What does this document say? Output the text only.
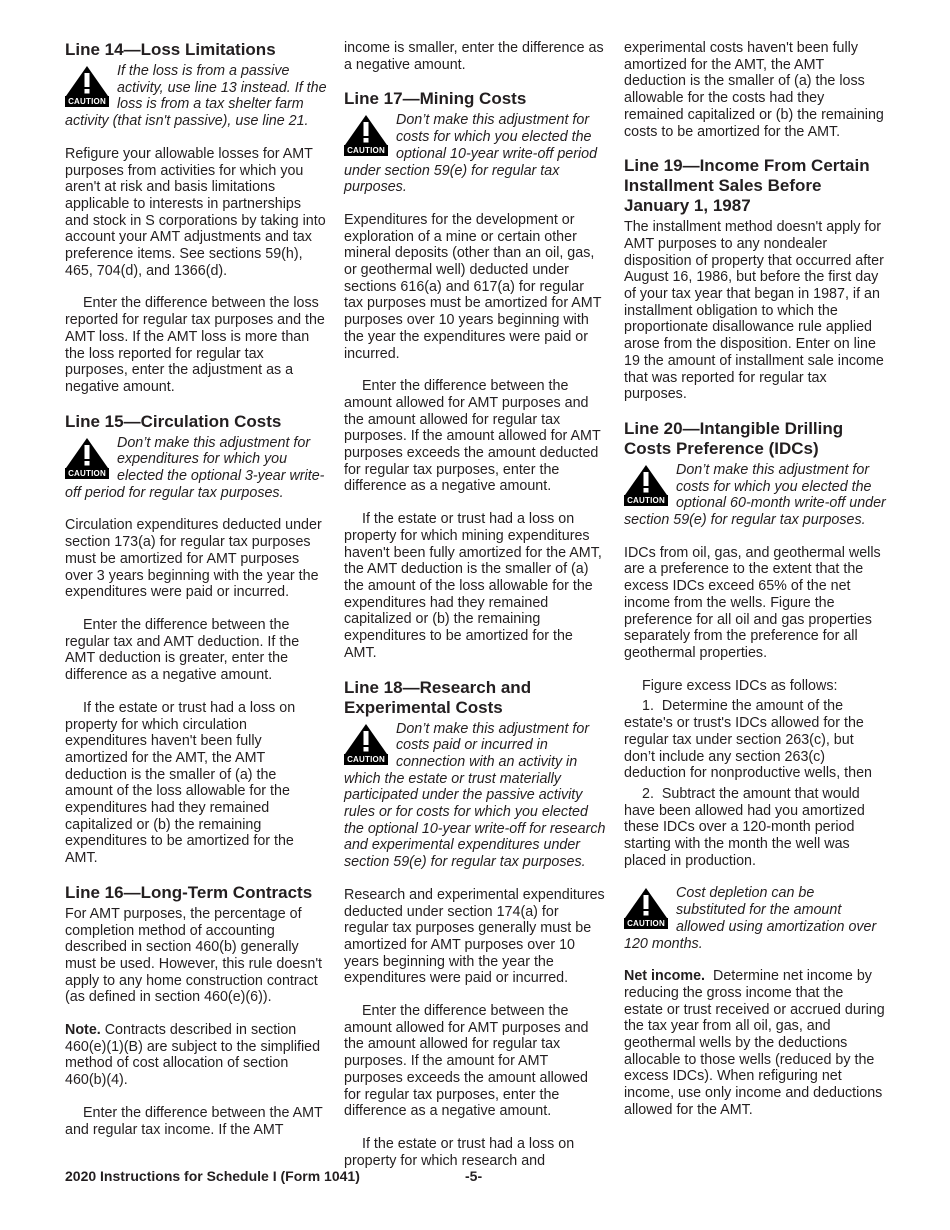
Line 14—Loss Limitations
CAUTION
If the loss is from a passive activity, use line 13 instead. If the loss is from a tax shelter farm activity (that isn't passive), use line 21.

Refigure your allowable losses for AMT purposes from activities for which you aren't at risk and basis limitations applicable to interests in partnerships and stock in S corporations by taking into account your AMT adjustments and tax preference items. See sections 59(h), 465, 704(d), and 1366(d).

Enter the difference between the loss reported for regular tax purposes and the AMT loss. If the AMT loss is more than the loss reported for regular tax purposes, enter the adjustment as a negative amount.

Line 15—Circulation Costs
CAUTION
Don’t make this adjustment for expenditures for which you elected the optional 3-year write-off period for regular tax purposes.

Circulation expenditures deducted under section 173(a) for regular tax purposes must be amortized for AMT purposes over 3 years beginning with the year the expenditures were paid or incurred.

Enter the difference between the regular tax and AMT deduction. If the AMT deduction is greater, enter the difference as a negative amount.

If the estate or trust had a loss on property for which circulation expenditures haven't been fully amortized for the AMT, the AMT deduction is the smaller of (a) the amount of the loss allowable for the expenditures had they remained capitalized or (b) the remaining expenditures to be amortized for the AMT.

Line 16—Long-Term Contracts

For AMT purposes, the percentage of completion method of accounting described in section 460(b) generally must be used. However, this rule doesn't apply to any home construction contract (as defined in section 460(e)(6)).

Note. Contracts described in section 460(e)(1)(B) are subject to the simplified method of cost allocation of section 460(b)(4).

Enter the difference between the AMT and regular tax income. If the AMT

income is smaller, enter the difference as a negative amount.

Line 17—Mining Costs
CAUTION
Don’t make this adjustment for costs for which you elected the optional 10-year write-off period under section 59(e) for regular tax purposes.

Expenditures for the development or exploration of a mine or certain other mineral deposits (other than an oil, gas, or geothermal well) deducted under sections 616(a) and 617(a) for regular tax purposes must be amortized for AMT purposes over 10 years beginning with the year the expenditures were paid or incurred.

Enter the difference between the amount allowed for AMT purposes and the amount allowed for regular tax purposes. If the amount allowed for AMT purposes exceeds the amount deducted for regular tax purposes, enter the difference as a negative amount.

If the estate or trust had a loss on property for which mining expenditures haven't been fully amortized for the AMT, the AMT deduction is the smaller of (a) the amount of the loss allowable for the expenditures had they remained capitalized or (b) the remaining expenditures to be amortized for the AMT.

Line 18—Research and Experimental Costs
CAUTION
Don’t make this adjustment for costs paid or incurred in connection with an activity in which the estate or trust materially participated under the passive activity rules or for costs for which you elected the optional 10-year write-off for research and experimental expenditures under section 59(e) for regular tax purposes.

Research and experimental expenditures deducted under section 174(a) for regular tax purposes generally must be amortized for AMT purposes over 10 years beginning with the year the expenditures were paid or incurred.

Enter the difference between the amount allowed for AMT purposes and the amount allowed for regular tax purposes. If the amount for AMT purposes exceeds the amount allowed for regular tax purposes, enter the difference as a negative amount.

If the estate or trust had a loss on property for which research and

experimental costs haven't been fully amortized for the AMT, the AMT deduction is the smaller of (a) the loss allowable for the costs had they remained capitalized or (b) the remaining costs to be amortized for the AMT.

Line 19—Income From Certain Installment Sales Before January 1, 1987

The installment method doesn't apply for AMT purposes to any nondealer disposition of property that occurred after August 16, 1986, but before the first day of your tax year that began in 1987, if an installment obligation to which the proportionate disallowance rule applied arose from the disposition. Enter on line 19 the amount of installment sale income that was reported for regular tax purposes.

Line 20—Intangible Drilling Costs Preference (IDCs)
CAUTION
Don’t make this adjustment for costs for which you elected the optional 60-month write-off under section 59(e) for regular tax purposes.

IDCs from oil, gas, and geothermal wells are a preference to the extent that the excess IDCs exceed 65% of the net income from the wells. Figure the preference for all oil and gas properties separately from the preference for all geothermal properties.

Figure excess IDCs as follows:

1.  Determine the amount of the estate's or trust's IDCs allowed for the regular tax under section 263(c), but don’t include any section 263(c) deduction for nonproductive wells, then

2.  Subtract the amount that would have been allowed had you amortized these IDCs over a 120-month period starting with the month the well was placed in production.

CAUTION
Cost depletion can be substituted for the amount allowed using amortization over 120 months.

Net income. Determine net income by reducing the gross income that the estate or trust received or accrued during the tax year from all oil, gas, and geothermal wells by the deductions allocable to those wells (reduced by the excess IDCs). When refiguring net income, use only income and deductions allowed for the AMT.

2020 Instructions for Schedule I (Form 1041)	-5-
